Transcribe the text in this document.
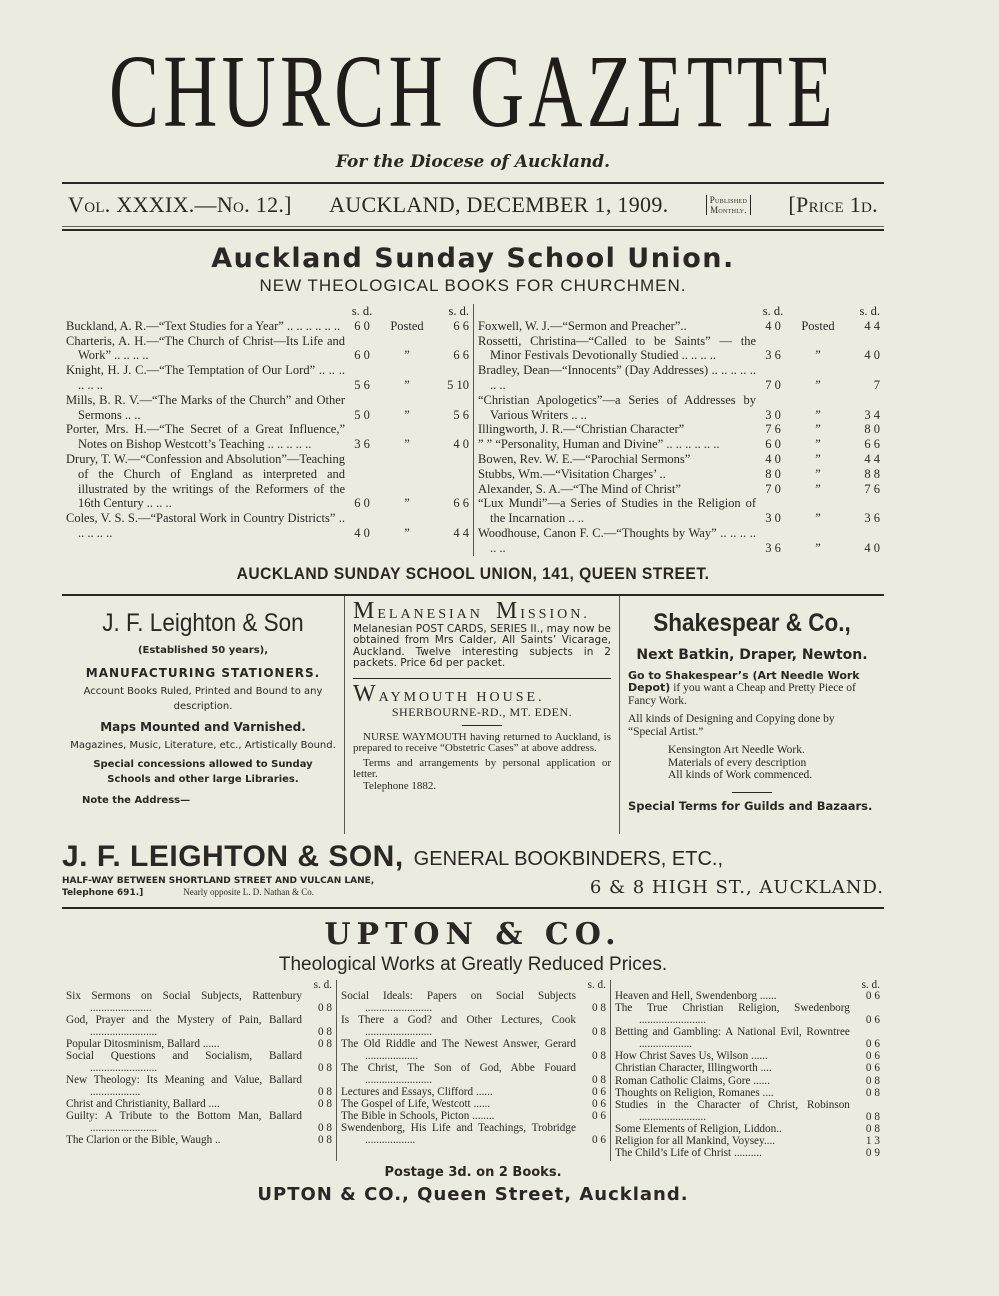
CHURCH GAZETTE
For the Diocese of Auckland.
Vol. XXXIX.—No. 12.] AUCKLAND, DECEMBER 1, 1909.	Published
Monthly. [Price 1d.
Auckland Sunday School Union.
NEW THEOLOGICAL BOOKS FOR CHURCHMEN.
s. d.	s. d.
Buckland, A. R.—“Text Studies for a Year” .. .. .. .. .. ..	6 0	Posted	6 6
Charteris, A. H.—“The Church of Christ—Its Life and Work” .. .. .. ..	6 0	”	6 6
Knight, H. J. C.—“The Temptation of Our Lord” .. .. .. .. .. ..	5 6	”	5 10
Mills, B. R. V.—“The Marks of the Church” and Other Sermons .. ..	5 0	”	5 6
Porter, Mrs. H.—“The Secret of a Great Influence,” Notes on Bishop Westcott’s Teaching .. .. .. .. ..	3 6	”	4 0
Drury, T. W.—“Confession and Absolution”—Teaching of the Church of England as interpreted and illustrated by the writings of the Reformers of the 16th Century .. .. ..	6 0	”	6 6
Coles, V. S. S.—“Pastoral Work in Country Districts” .. .. .. .. ..	4 0	”	4 4
s. d.	s. d.
Foxwell, W. J.—“Sermon and Preacher”..	4 0	Posted	4 4
Rossetti, Christina—“Called to be Saints” — the Minor Festivals Devotionally Studied .. .. .. ..	3 6	”	4 0
Bradley, Dean—“Innocents” (Day Addresses) .. .. .. .. .. .. ..	7 0	”	7
“Christian Apologetics”—a Series of Addresses by Various Writers .. ..	3 0	”	3 4
Illingworth, J. R.—“Christian Character”	7 6	”	8 0
” ” “Personality, Human and Divine” .. .. .. .. .. ..	6 0	”	6 6
Bowen, Rev. W. E.—“Parochial Sermons”	4 0	”	4 4
Stubbs, Wm.—“Visitation Charges’ ..	8 0	”	8 8
Alexander, S. A.—“The Mind of Christ”	7 0	”	7 6
“Lux Mundi”—a Series of Studies in the Religion of the Incarnation .. ..	3 0	”	3 6
Woodhouse, Canon F. C.—“Thoughts by Way” .. .. .. .. .. ..	3 6	”	4 0
AUCKLAND SUNDAY SCHOOL UNION, 141, QUEEN STREET.
J. F. Leighton & Son
(Established 50 years),
MANUFACTURING STATIONERS.
Account Books Ruled, Printed and Bound to any description.
Maps Mounted and Varnished.
Magazines, Music, Literature, etc., Artistically Bound.
Special concessions allowed to Sunday Schools and other large Libraries.
Note the Address—
MELANESIAN MISSION.
Melanesian POST CARDS, SERIES II., may now be obtained from Mrs Calder, All Saints’ Vicarage, Auckland. Twelve interesting subjects in 2 packets. Price 6d per packet.
WAYMOUTH HOUSE.
SHERBOURNE-RD., MT. EDEN.
NURSE WAYMOUTH having returned to Auckland, is prepared to receive “Obstetric Cases” at above address.
Terms and arrangements by personal application or letter.
Telephone 1882.
Shakespear & Co.,
Next Batkin, Draper, Newton.
Go to Shakespear’s (Art Needle Work Depot) if you want a Cheap and Pretty Piece of Fancy Work.
All kinds of Designing and Copying done by “Special Artist.”
Kensington Art Needle Work.
Materials of every description
All kinds of Work commenced.
Special Terms for Guilds and Bazaars.
J. F. LEIGHTON & SON, GENERAL BOOKBINDERS, ETC.,
HALF-WAY BETWEEN SHORTLAND STREET AND VULCAN LANE,
Telephone 691.]	Nearly opposite L. D. Nathan & Co.	6 & 8 HIGH ST., AUCKLAND.
UPTON & CO.
Theological Works at Greatly Reduced Prices.
s. d.
Six Sermons on Social Subjects, Rattenbury ......................	0 8
God, Prayer and the Mystery of Pain, Ballard ........................	0 8
Popular Ditosminism, Ballard ......	0 8
Social Questions and Socialism, Ballard ........................	0 8
New Theology: Its Meaning and Value, Ballard ..................	0 8
Christ and Christianity, Ballard ....	0 8
Guilty: A Tribute to the Bottom Man, Ballard ........................	0 8
The Clarion or the Bible, Waugh ..	0 8
s. d.
Social Ideals: Papers on Social Subjects ........................	0 8
Is There a God? and Other Lectures, Cook ........................	0 8
The Old Riddle and The Newest Answer, Gerard ...................	0 8
The Christ, The Son of God, Abbe Fouard ........................	0 8
Lectures and Essays, Clifford ......	0 6
The Gospel of Life, Westcott ......	0 6
The Bible in Schools, Picton ........	0 6
Swendenborg, His Life and Teachings, Trobridge ..................	0 6
s. d.
Heaven and Hell, Swendenborg ......	0 6
The True Christian Religion, Swedenborg ........................	0 6
Betting and Gambling: A National Evil, Rowntree ...................	0 6
How Christ Saves Us, Wilson ......	0 6
Christian Character, Illingworth ....	0 6
Roman Catholic Claims, Gore ......	0 8
Thoughts on Religion, Romanes ....	0 8
Studies in the Character of Christ, Robinson ........................	0 8
Some Elements of Religion, Liddon..	0 8
Religion for all Mankind, Voysey....	1 3
The Child’s Life of Christ ..........	0 9
Postage 3d. on 2 Books.
UPTON & CO., Queen Street, Auckland.
